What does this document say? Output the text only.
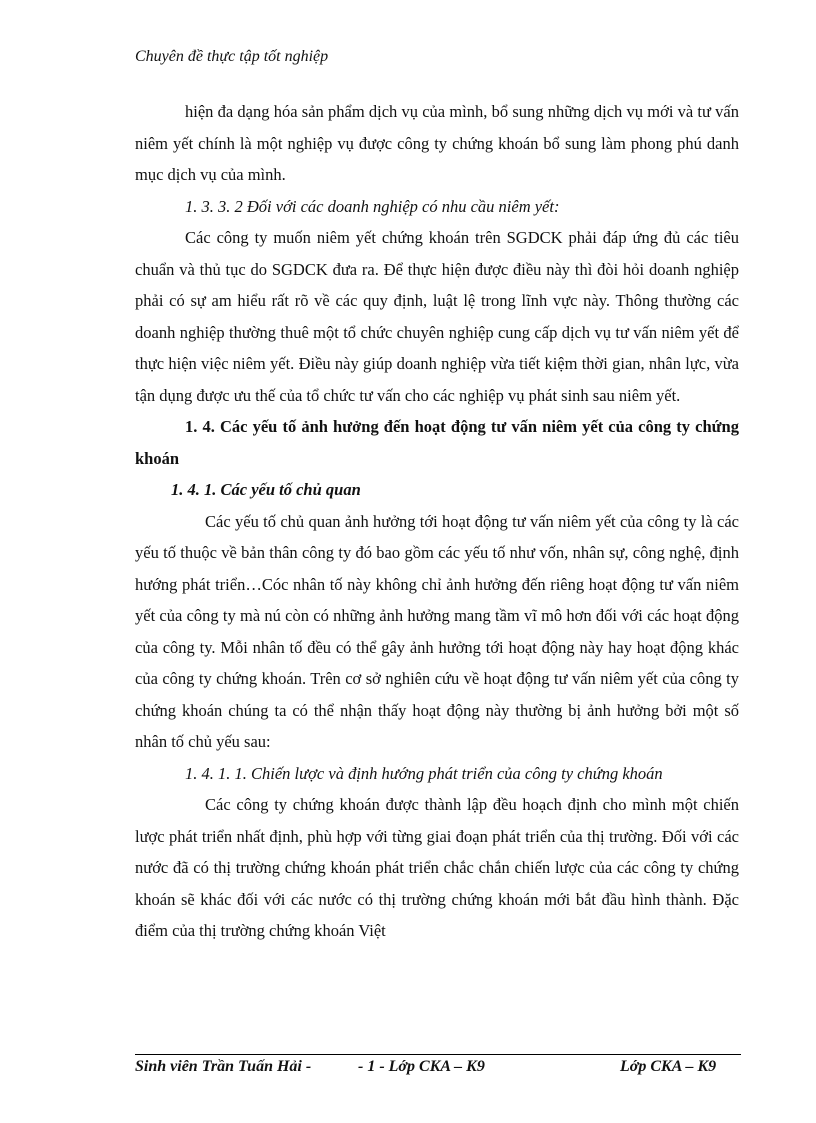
Chuyên đề thực tập tốt nghiệp

hiện đa dạng hóa sản phẩm dịch vụ của mình, bổ sung những dịch vụ mới và tư vấn niêm yết chính là một nghiệp vụ được công ty chứng khoán bổ sung làm phong phú danh mục dịch vụ của mình.

1. 3. 3. 2 Đối với các doanh nghiệp có nhu cầu niêm yết:

Các công ty muốn niêm yết chứng khoán trên SGDCK phải đáp ứng đủ các tiêu chuẩn và thủ tục do SGDCK đưa ra. Để thực hiện được điều này thì đòi hỏi doanh nghiệp phải có sự am hiểu rất rõ về các quy định, luật lệ trong lĩnh vực này. Thông thường các doanh nghiệp thường thuê một tổ chức chuyên nghiệp cung cấp dịch vụ tư vấn niêm yết để thực hiện việc niêm yết. Điều này giúp doanh nghiệp vừa tiết kiệm thời gian, nhân lực, vừa tận dụng được ưu thế của tổ chức tư vấn cho các nghiệp vụ phát sinh sau niêm yết.

1. 4. Các yếu tố ảnh hưởng đến hoạt động tư vấn niêm yết của công ty chứng khoán

1. 4. 1. Các yếu tố chủ quan

Các yếu tố chủ quan ảnh hưởng tới hoạt động tư vấn niêm yết của công ty là các yếu tố thuộc về bản thân công ty đó bao gồm các yếu tố như vốn, nhân sự, công nghệ, định hướng phát triển…Cóc nhân tố này không chỉ ảnh hưởng đến riêng hoạt động tư vấn niêm yết của công ty mà nú còn có những ảnh hưởng mang tầm vĩ mô hơn đối với các hoạt động của công ty. Mỗi nhân tố đều có thể gây ảnh hưởng tới hoạt động này hay hoạt động khác của công ty chứng khoán. Trên cơ sở nghiên cứu về hoạt động tư vấn niêm yết của công ty chứng khoán chúng ta có thể nhận thấy hoạt động này thường bị ảnh hưởng bởi một số nhân tố chủ yếu sau:

1. 4. 1. 1. Chiến lược và định hướng phát triển của công ty chứng khoán

Các công ty chứng khoán được thành lập đều hoạch định cho mình một chiến lược phát triển nhất định, phù hợp với từng giai đoạn phát triển của thị trường. Đối với các nước đã có thị trường chứng khoán phát triển chắc chắn chiến lược của các công ty chứng khoán sẽ khác đối với các nước có thị trường chứng khoán mới bắt đầu hình thành. Đặc điểm của thị trường chứng khoán Việt

Sinh viên Trần Tuấn Hải -	- 1 - Lớp CKA – K9	Lớp CKA – K9
